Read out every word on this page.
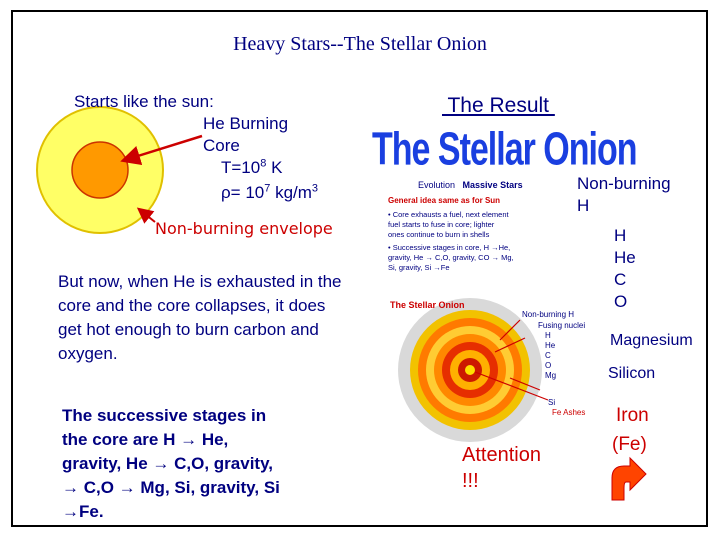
Heavy Stars--The Stellar Onion
Starts like the sun:
He Burning
Core
$T=10^8$ K
$\rho= 10^7$ $kg/m^3$
Non-burning envelope
But now, when He is exhausted in the core and the core collapses, it does get hot enough to burn carbon and oxygen.
The successive stages in
the core are H → He,
gravity, He → C,O, gravity,
→ C,O → Mg, Si, gravity, Si
→Fe.
The Result
The Stellar Onion
Evolution Massive Stars
General idea same as for Sun
• Core exhausts a fuel, next element
fuel starts to fuse in core; lighter
ones continue to burn in shells
• Successive stages in core, H →He,
gravity, He → C,O, gravity, CO → Mg,
Si, gravity, Si →Fe
The Stellar Onion
Non-burning H
Fusing nuclei
H
He
C
O
Mg
Si
Fe Ashes
Non-burning
H
H
He
C
O
Magnesium
Silicon
Iron
(Fe)
Attention
!!!
